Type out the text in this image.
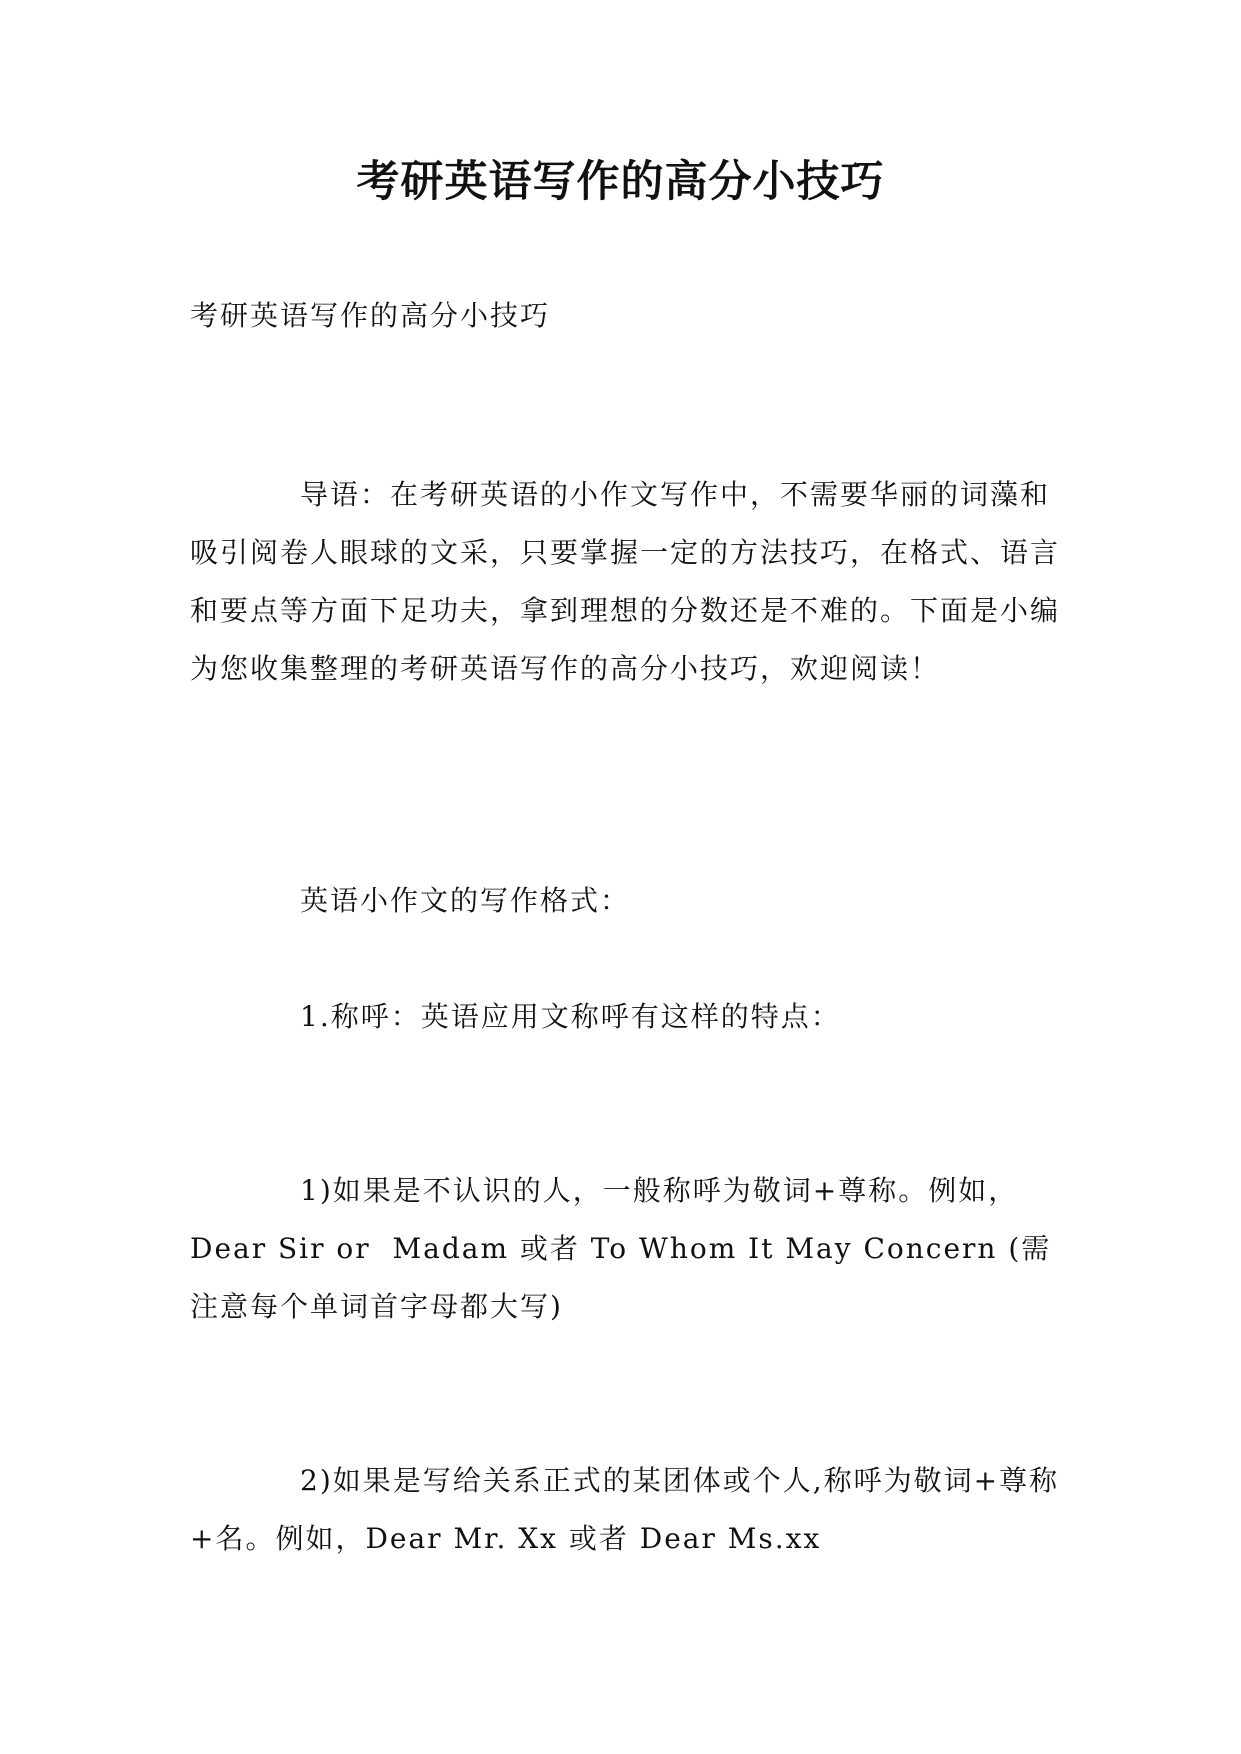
考研英语写作的高分小技巧
考研英语写作的高分小技巧
导语：在考研英语的小作文写作中，不需要华丽的词藻和吸引阅卷人眼球的文采，只要掌握一定的方法技巧，在格式、语言和要点等方面下足功夫，拿到理想的分数还是不难的。下面是小编为您收集整理的考研英语写作的高分小技巧，欢迎阅读！
英语小作文的写作格式：
1.称呼：英语应用文称呼有这样的特点：
1)如果是不认识的人，一般称呼为敬词+尊称。例如，Dear Sir or  Madam 或者 To Whom It May Concern (需注意每个单词首字母都大写)
2)如果是写给关系正式的某团体或个人,称呼为敬词+尊称+名。例如，Dear Mr. Xx 或者 Dear Ms.xx
